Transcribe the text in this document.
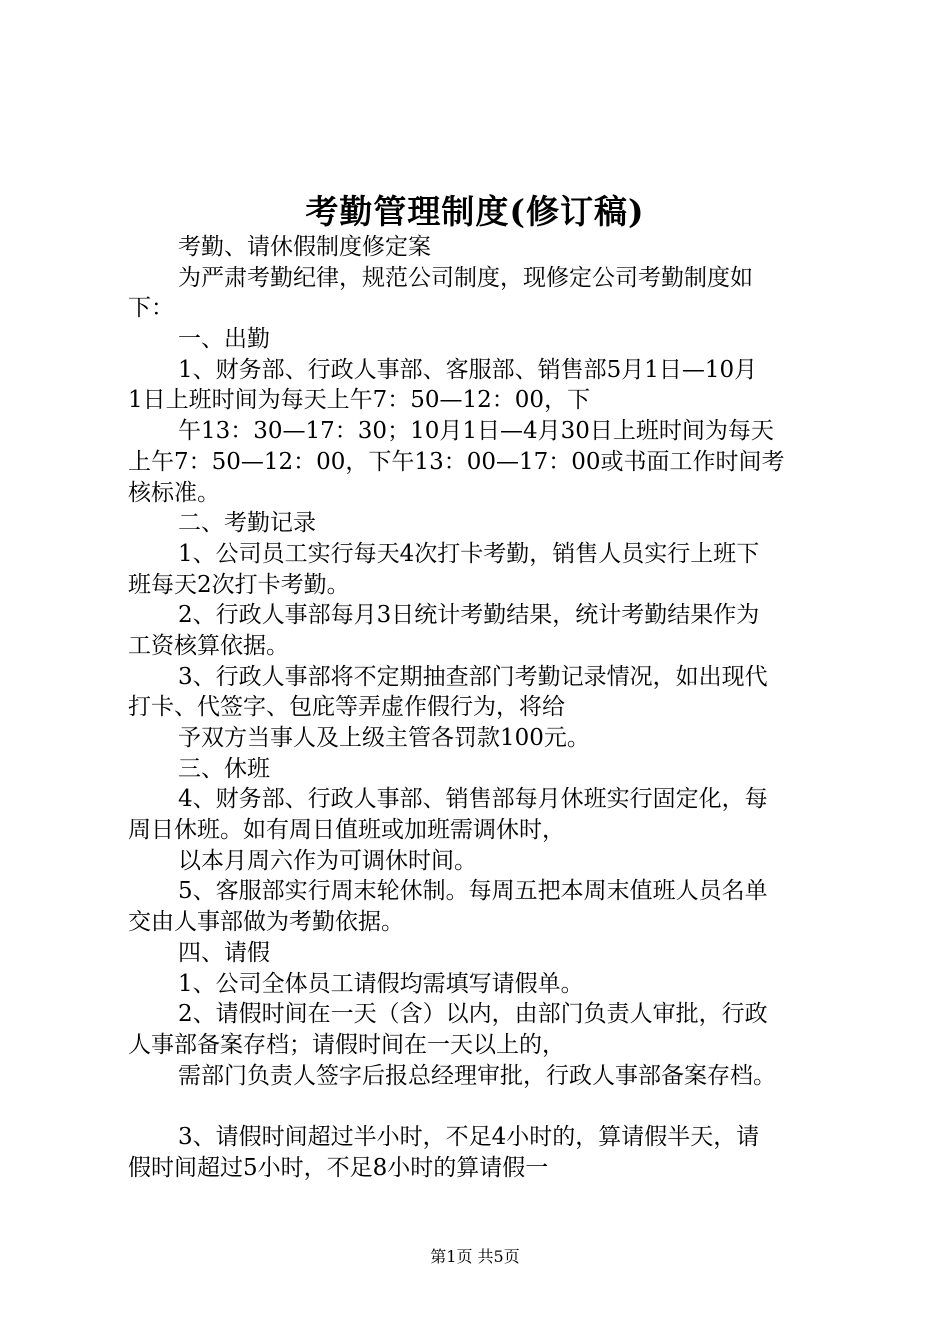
考勤管理制度(修订稿)
考勤、请休假制度修定案
为严肃考勤纪律，规范公司制度，现修定公司考勤制度如
下：
一、出勤
1、财务部、行政人事部、客服部、销售部5月1日—10月
1日上班时间为每天上午7：50—12：00，下
午13：30—17：30；10月1日—4月30日上班时间为每天
上午7：50—12：00，下午13：00—17：00或书面工作时间考
核标准。
二、考勤记录
1、公司员工实行每天4次打卡考勤，销售人员实行上班下
班每天2次打卡考勤。
2、行政人事部每月3日统计考勤结果，统计考勤结果作为
工资核算依据。
3、行政人事部将不定期抽查部门考勤记录情况，如出现代
打卡、代签字、包庇等弄虚作假行为，将给
予双方当事人及上级主管各罚款100元。
三、休班
4、财务部、行政人事部、销售部每月休班实行固定化，每
周日休班。如有周日值班或加班需调休时，
以本月周六作为可调休时间。
5、客服部实行周末轮休制。每周五把本周末值班人员名单
交由人事部做为考勤依据。
四、请假
1、公司全体员工请假均需填写请假单。
2、请假时间在一天（含）以内，由部门负责人审批，行政
人事部备案存档；请假时间在一天以上的，
需部门负责人签字后报总经理审批，行政人事部备案存档。
3、请假时间超过半小时，不足4小时的，算请假半天，请
假时间超过5小时，不足8小时的算请假一
第1页 共5页
